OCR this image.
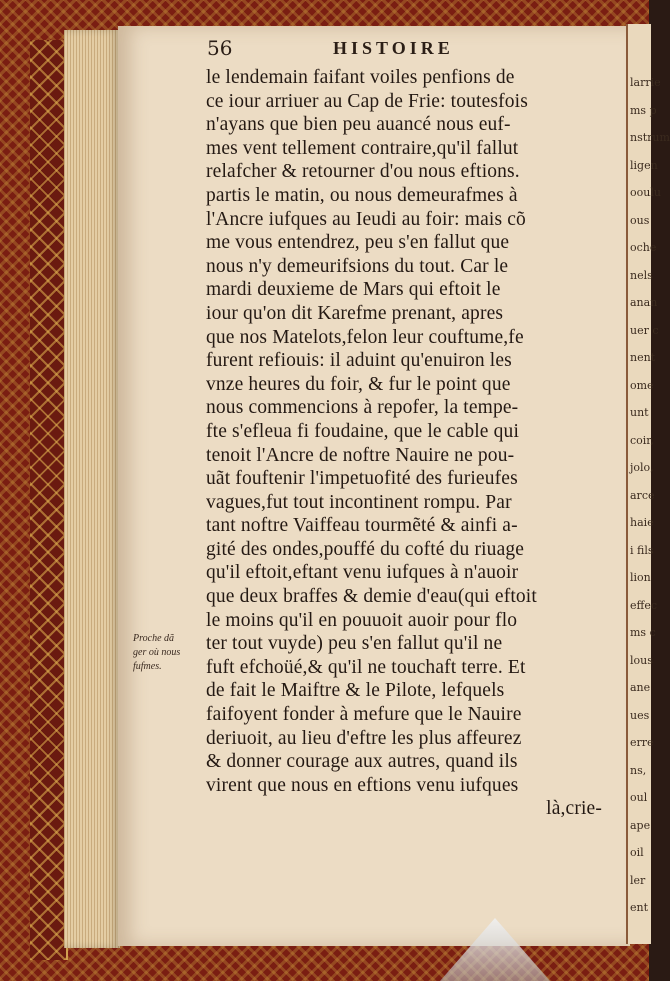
larrie
ms p
nstrum
ligen
ooulu
ous
oche
nels
anan
uer c
nent
ome
unt
coir,
jolo,
arce
haie
i fils
lion
effec
ms c
lous
ane
ues
erre
ns,
oul
ape
oil
ler
ent
56	HISTOIRE
le lendemain faifant voiles penfions de
ce iour arriuer au Cap de Frie: toutesfois
n'ayans que bien peu auancé nous euf-
mes vent tellement contraire,qu'il fallut
relafcher & retourner d'ou nous eftions.
partis le matin, ou nous demeurafmes à
l'Ancre iufques au Ieudi au foir: mais cõ
me vous entendrez, peu s'en fallut que
nous n'y demeurifsions du tout. Car le
mardi deuxieme de Mars qui eftoit le
iour qu'on dit Karefme prenant, apres
que nos Matelots,felon leur couftume,fe
furent refiouis: il aduint qu'enuiron les
vnze heures du foir, & fur le point que
nous commencions à repofer, la tempe-
fte s'efleua fi foudaine, que le cable qui
tenoit l'Ancre de noftre Nauire ne pou-
uãt fouftenir l'impetuofité des furieufes
vagues,fut tout incontinent rompu. Par
tant noftre Vaiffeau tourmẽté & ainfi a-
gité des ondes,pouffé du cofté du riuage
qu'il eftoit,eftant venu iufques à n'auoir
que deux braffes & demie d'eau(qui eftoit
le moins qu'il en pouuoit auoir pour flo
ter tout vuyde) peu s'en fallut qu'il ne
fuft efchoüé,& qu'il ne touchaft terre. Et
de fait le Maiftre & le Pilote, lefquels
faifoyent fonder à mefure que le Nauire
deriuoit, au lieu d'eftre les plus affeurez
& donner courage aux autres, quand ils
virent que nous en eftions venu iufques
là,crie-
Proche dã
ger où nous
fufmes.
